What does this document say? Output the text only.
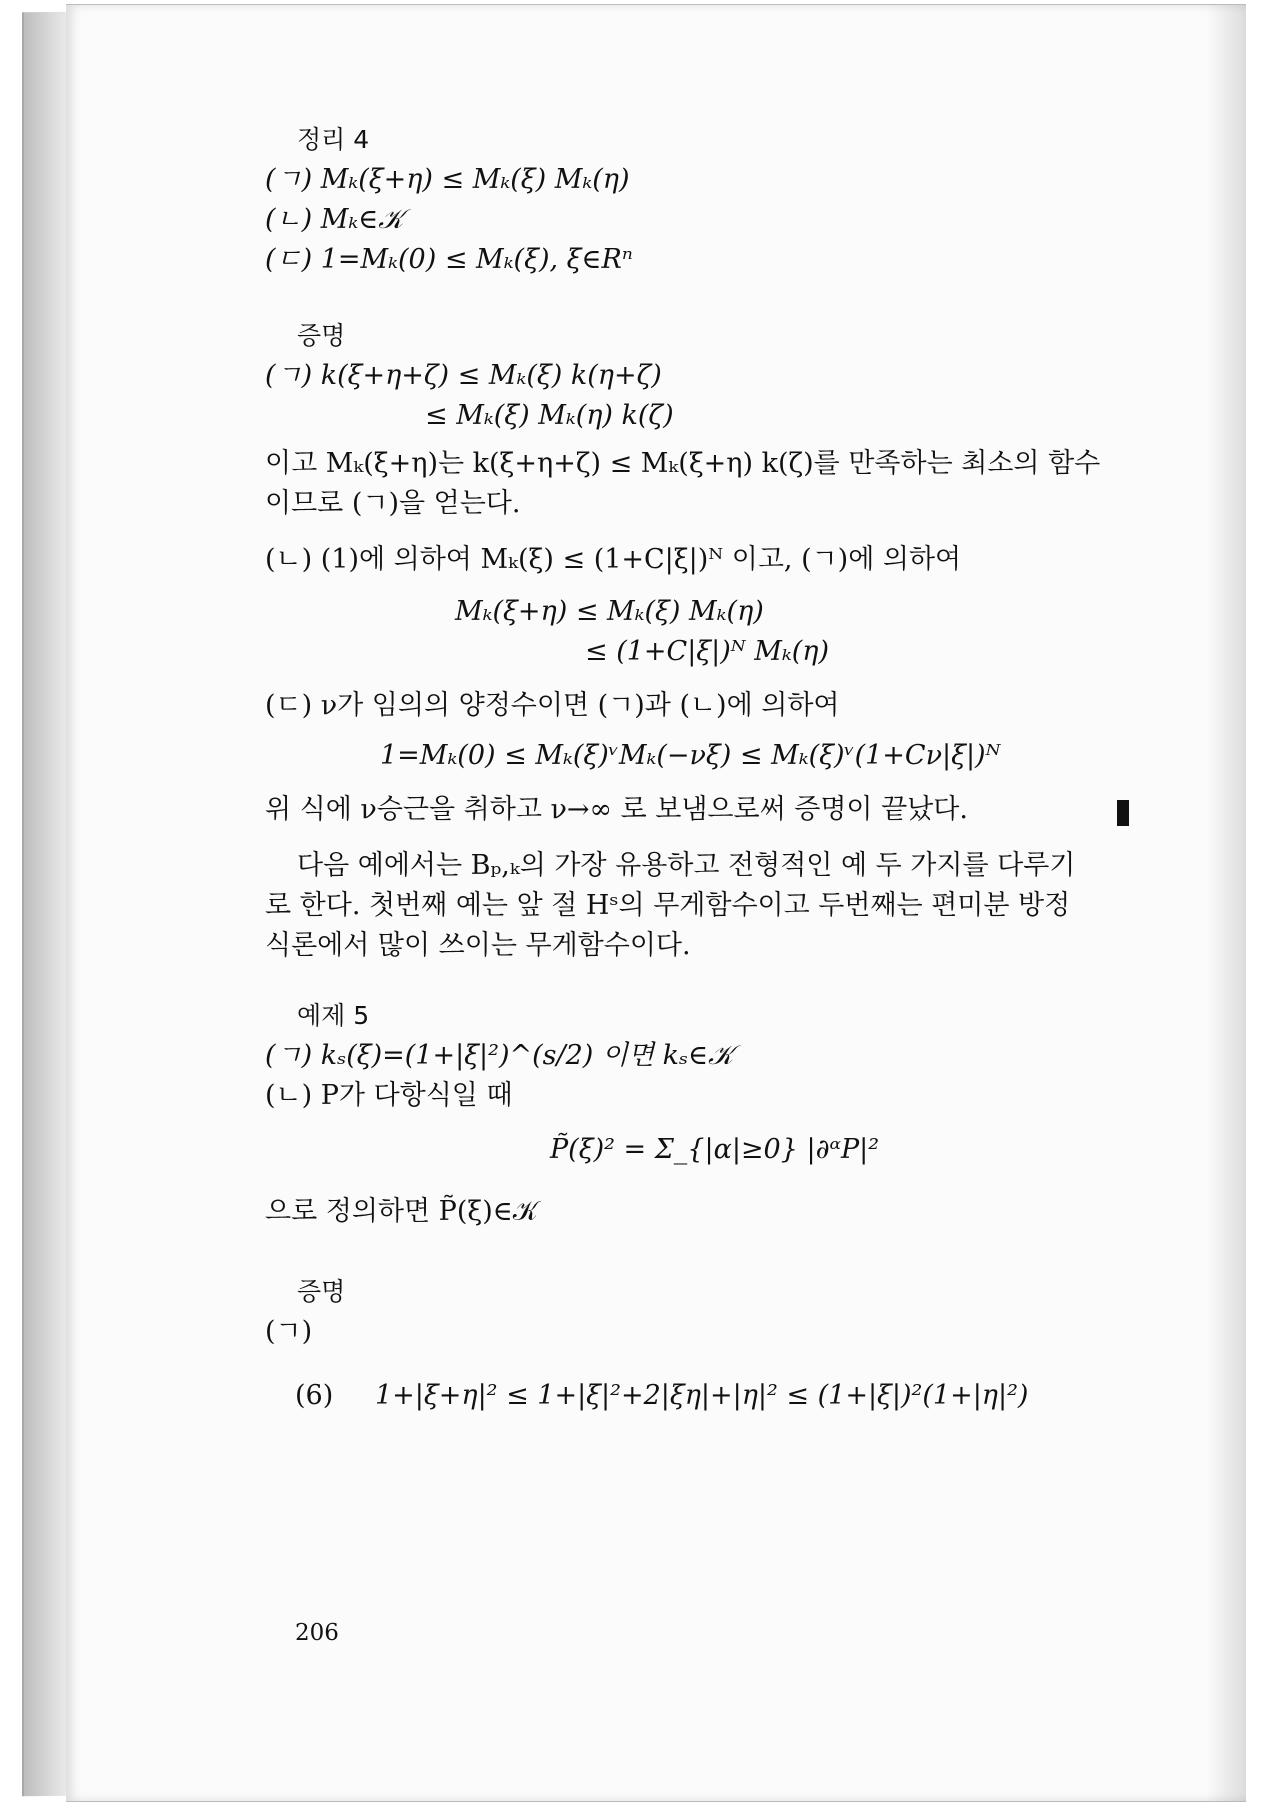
정리 4
(ㄱ) Mₖ(ξ+η) ≤ Mₖ(ξ) Mₖ(η)
(ㄴ) Mₖ∈𝒦
(ㄷ) 1=Mₖ(0) ≤ Mₖ(ξ), ξ∈Rⁿ
증명
(ㄱ) k(ξ+η+ζ) ≤ Mₖ(ξ) k(η+ζ)
≤ Mₖ(ξ) Mₖ(η) k(ζ)
이고 Mₖ(ξ+η)는 k(ξ+η+ζ) ≤ Mₖ(ξ+η) k(ζ)를 만족하는 최소의 함수
이므로 (ㄱ)을 얻는다.
(ㄴ) (1)에 의하여 Mₖ(ξ) ≤ (1+C|ξ|)ᴺ 이고, (ㄱ)에 의하여
Mₖ(ξ+η) ≤ Mₖ(ξ) Mₖ(η)
≤ (1+C|ξ|)ᴺ Mₖ(η)
(ㄷ) ν가 임의의 양정수이면 (ㄱ)과 (ㄴ)에 의하여
1=Mₖ(0) ≤ Mₖ(ξ)ᵛMₖ(−νξ) ≤ Mₖ(ξ)ᵛ(1+Cν|ξ|)ᴺ
위 식에 ν승근을 취하고 ν→∞ 로 보냄으로써 증명이 끝났다.
다음 예에서는 Bₚ,ₖ의 가장 유용하고 전형적인 예 두 가지를 다루기
로 한다. 첫번째 예는 앞 절 Hˢ의 무게함수이고 두번째는 편미분 방정
식론에서 많이 쓰이는 무게함수이다.
예제 5
(ㄱ) kₛ(ξ)=(1+|ξ|²)^(s/2) 이면 kₛ∈𝒦
(ㄴ) P가 다항식일 때
P̃(ξ)² = Σ_{|α|≥0} |∂ᵅP|²
으로 정의하면 P̃(ξ)∈𝒦
증명
(ㄱ)
(6) 1+|ξ+η|² ≤ 1+|ξ|²+2|ξη|+|η|² ≤ (1+|ξ|)²(1+|η|²)
206
